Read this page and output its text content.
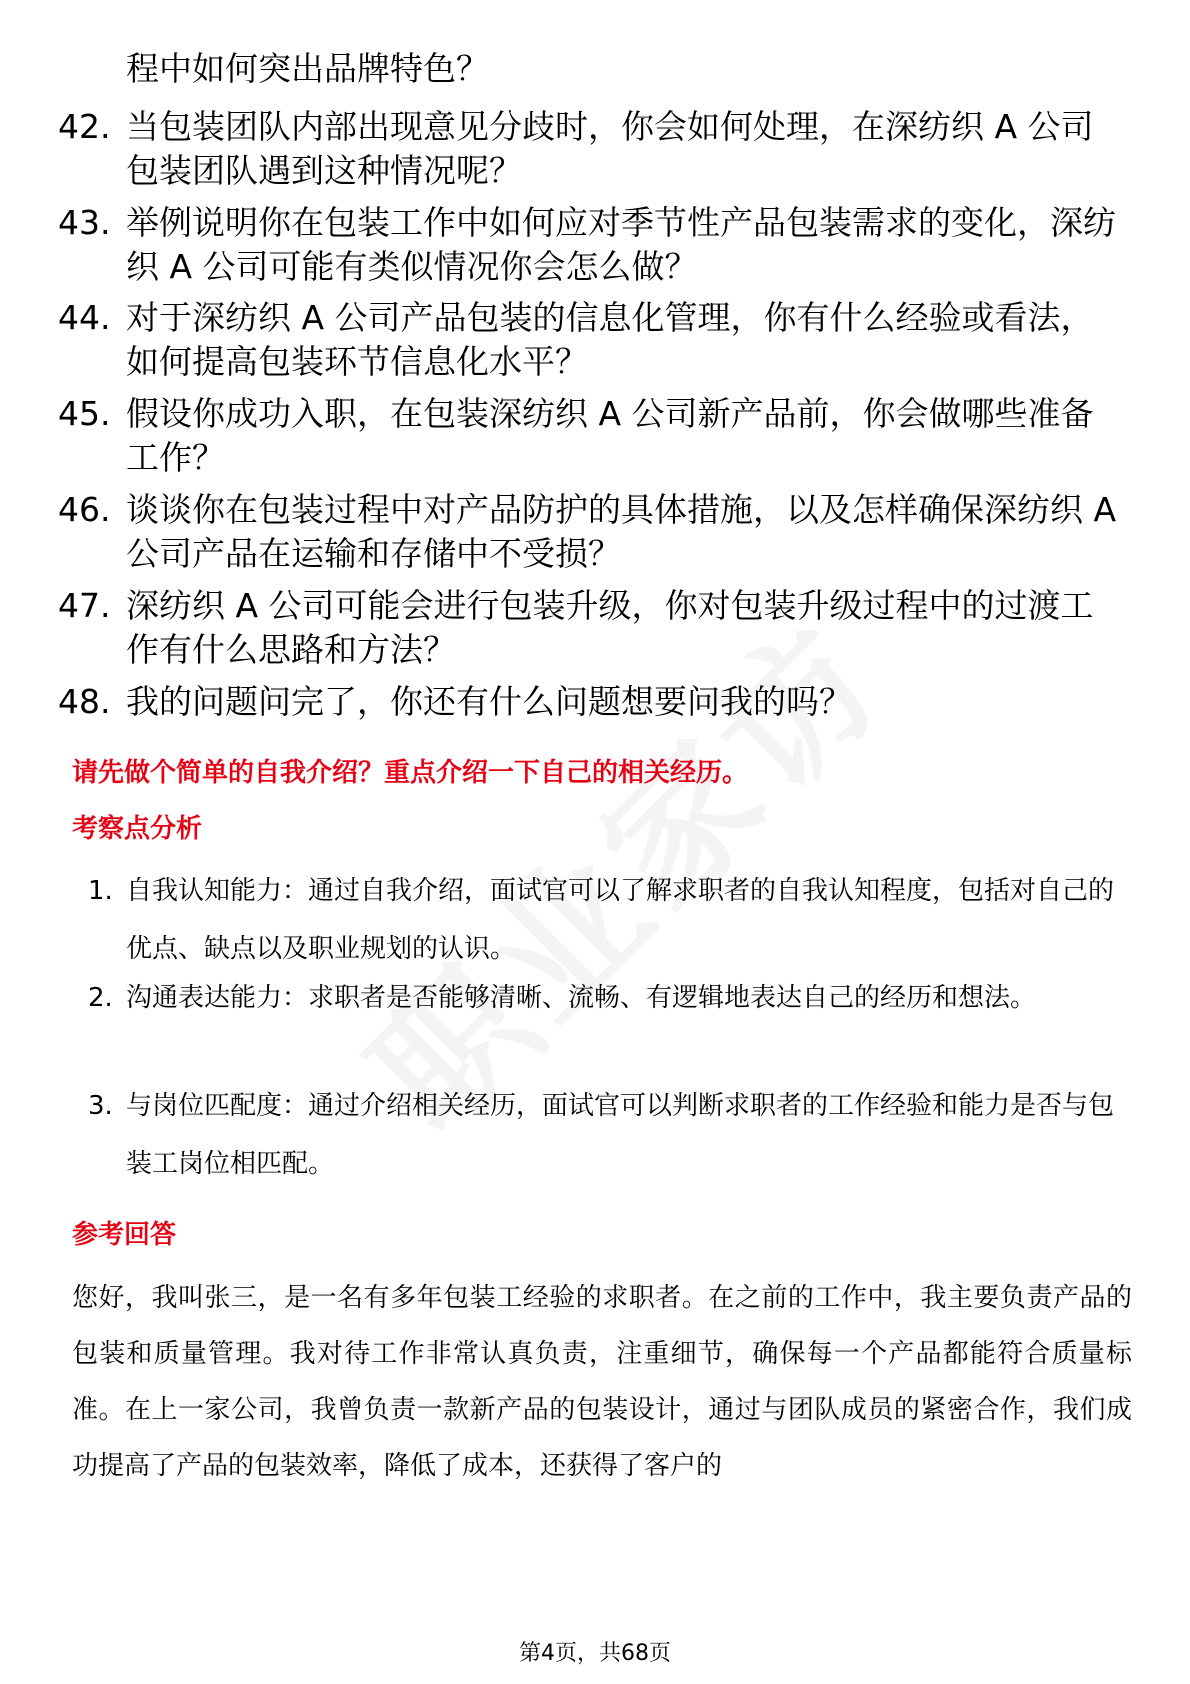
程中如何突出品牌特色？
42. 当包装团队内部出现意见分歧时，你会如何处理，在深纺织 A 公司包装团队遇到这种情况呢？
43. 举例说明你在包装工作中如何应对季节性产品包装需求的变化，深纺织 A 公司可能有类似情况你会怎么做？
44. 对于深纺织 A 公司产品包装的信息化管理，你有什么经验或看法，如何提高包装环节信息化水平？
45. 假设你成功入职，在包装深纺织 A 公司新产品前，你会做哪些准备工作？
46. 谈谈你在包装过程中对产品防护的具体措施，以及怎样确保深纺织 A 公司产品在运输和存储中不受损？
47. 深纺织 A 公司可能会进行包装升级，你对包装升级过程中的过渡工作有什么思路和方法？
48. 我的问题问完了，你还有什么问题想要问我的吗？
请先做个简单的自我介绍？重点介绍一下自己的相关经历。
考察点分析
1. 自我认知能力：通过自我介绍，面试官可以了解求职者的自我认知程度，包括对自己的优点、缺点以及职业规划的认识。
2. 沟通表达能力：求职者是否能够清晰、流畅、有逻辑地表达自己的经历和想法。
3. 与岗位匹配度：通过介绍相关经历，面试官可以判断求职者的工作经验和能力是否与包装工岗位相匹配。
参考回答
您好，我叫张三，是一名有多年包装工经验的求职者。在之前的工作中，我主要负责产品的包装和质量管理。我对待工作非常认真负责，注重细节，确保每一个产品都能符合质量标准。在上一家公司，我曾负责一款新产品的包装设计，通过与团队成员的紧密合作，我们成功提高了产品的包装效率，降低了成本，还获得了客户的
第4页，共68页
